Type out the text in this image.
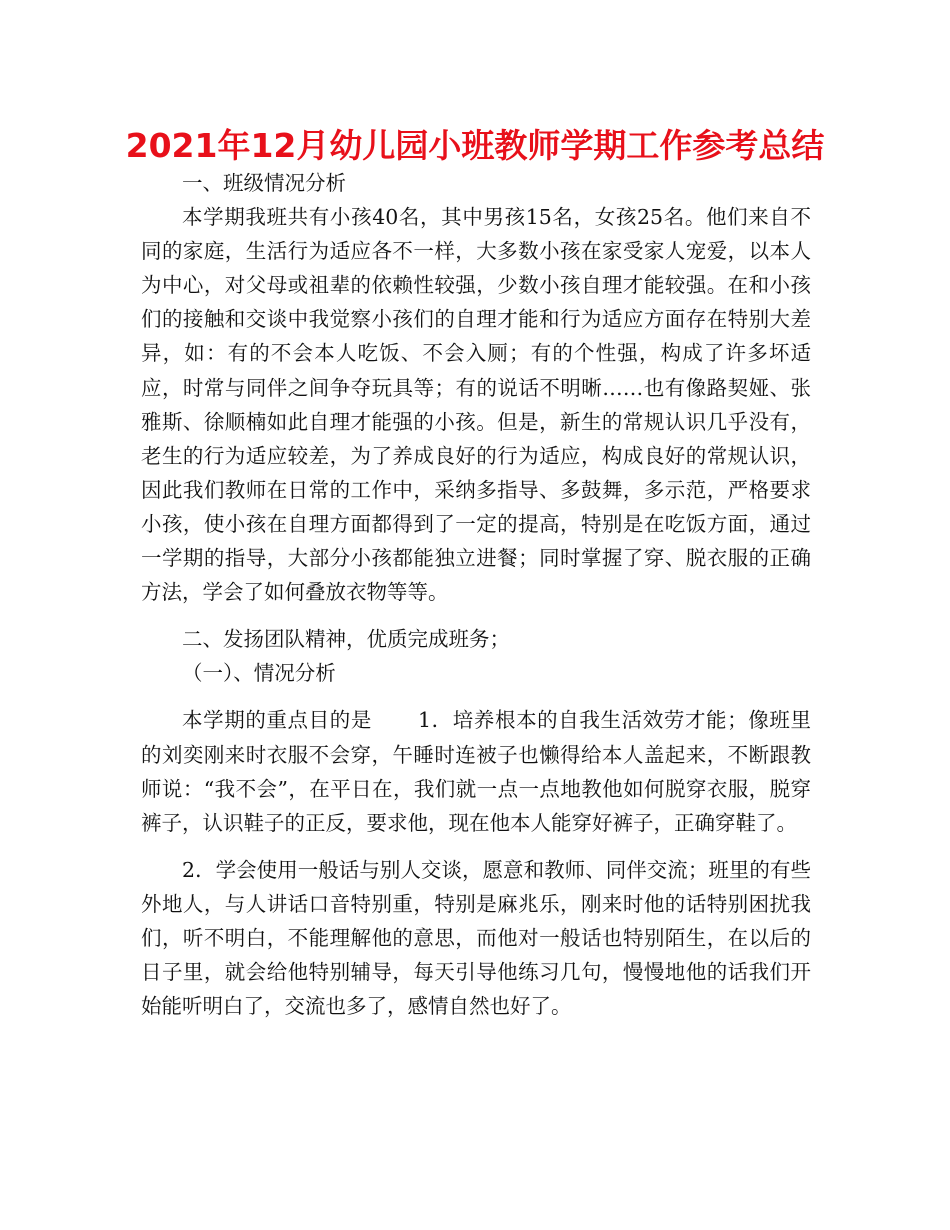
2021年12月幼儿园小班教师学期工作参考总结

一、班级情况分析

本学期我班共有小孩40名，其中男孩15名，女孩25名。他们来自不同的家庭，生活行为适应各不一样，大多数小孩在家受家人宠爱，以本人为中心，对父母或祖辈的依赖性较强，少数小孩自理才能较强。在和小孩们的接触和交谈中我觉察小孩们的自理才能和行为适应方面存在特别大差异，如：有的不会本人吃饭、不会入厕；有的个性强，构成了许多坏适应，时常与同伴之间争夺玩具等；有的说话不明晰……也有像路契娅、张雅斯、徐顺楠如此自理才能强的小孩。但是，新生的常规认识几乎没有，老生的行为适应较差，为了养成良好的行为适应，构成良好的常规认识，因此我们教师在日常的工作中，采纳多指导、多鼓舞，多示范，严格要求小孩，使小孩在自理方面都得到了一定的提高，特别是在吃饭方面，通过一学期的指导，大部分小孩都能独立进餐；同时掌握了穿、脱衣服的正确方法，学会了如何叠放衣物等等。

二、发扬团队精神，优质完成班务；

（一）、情况分析

本学期的重点目的是 1．培养根本的自我生活效劳才能；像班里的刘奕刚来时衣服不会穿，午睡时连被子也懒得给本人盖起来，不断跟教师说：“我不会”，在平日在，我们就一点一点地教他如何脱穿衣服，脱穿裤子，认识鞋子的正反，要求他，现在他本人能穿好裤子，正确穿鞋了。

2．学会使用一般话与别人交谈，愿意和教师、同伴交流；班里的有些外地人，与人讲话口音特别重，特别是麻兆乐，刚来时他的话特别困扰我们，听不明白，不能理解他的意思，而他对一般话也特别陌生，在以后的日子里，就会给他特别辅导，每天引导他练习几句，慢慢地他的话我们开始能听明白了，交流也多了，感情自然也好了。
